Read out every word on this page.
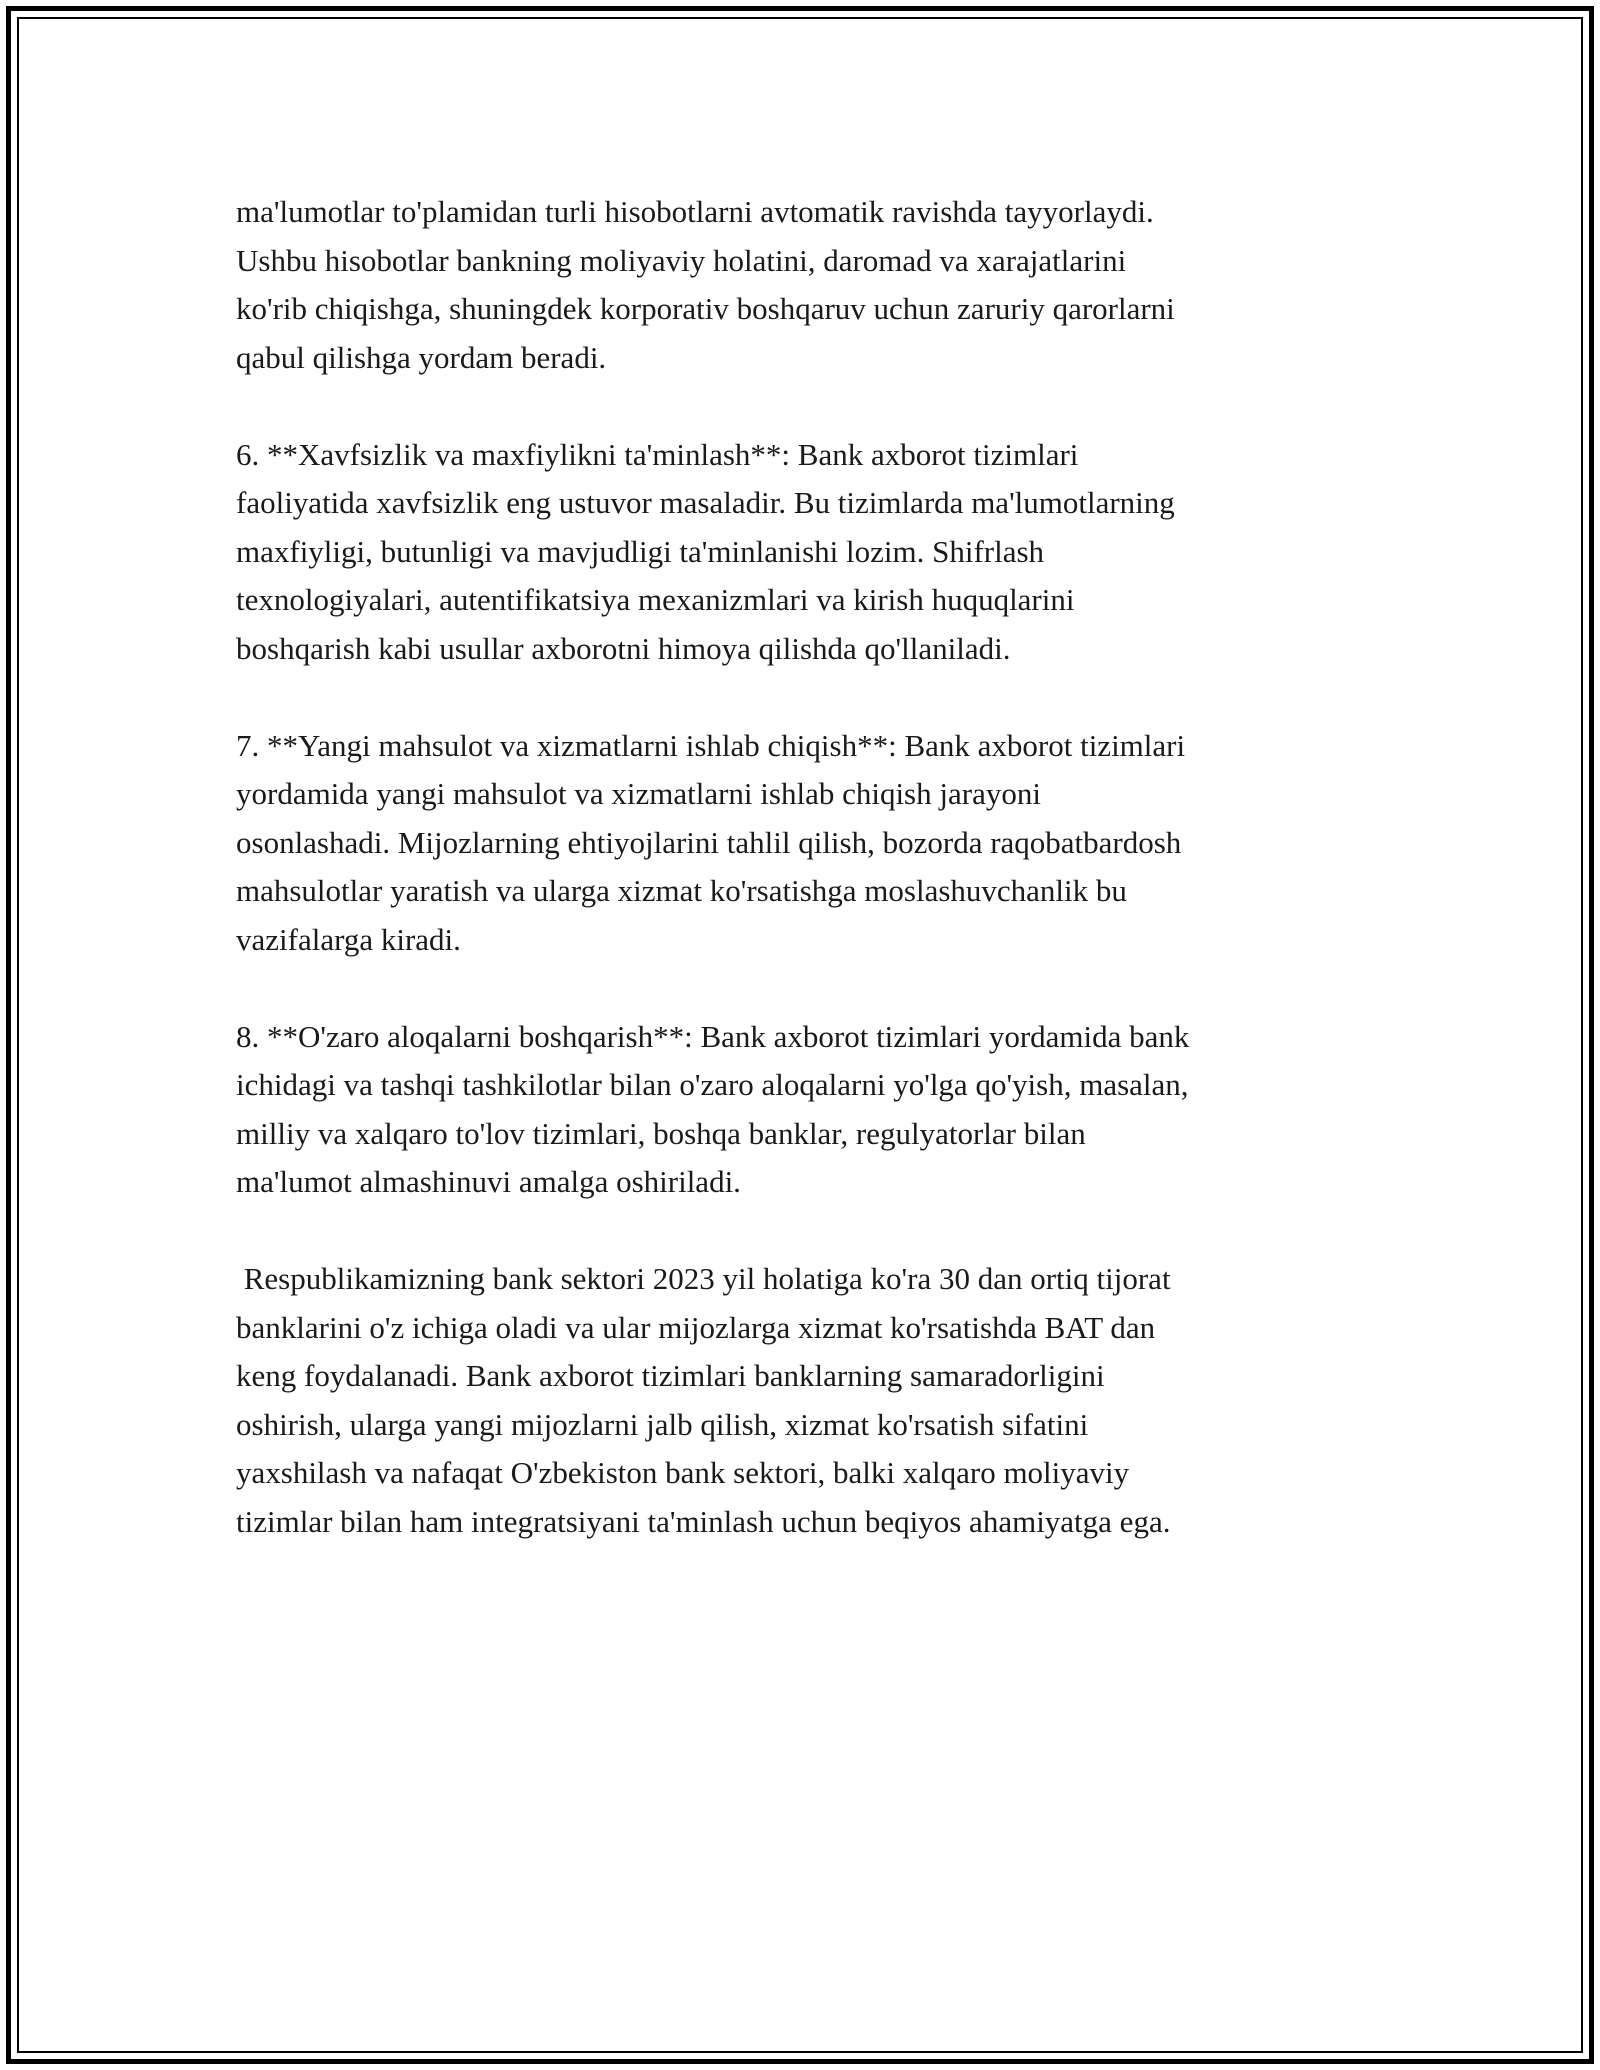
ma'lumotlar to'plamidan turli hisobotlarni avtomatik ravishda tayyorlaydi.
Ushbu hisobotlar bankning moliyaviy holatini, daromad va xarajatlarini
ko'rib chiqishga, shuningdek korporativ boshqaruv uchun zaruriy qarorlarni
qabul qilishga yordam beradi.
6. **Xavfsizlik va maxfiylikni ta'minlash**: Bank axborot tizimlari
faoliyatida xavfsizlik eng ustuvor masaladir. Bu tizimlarda ma'lumotlarning
maxfiyligi, butunligi va mavjudligi ta'minlanishi lozim. Shifrlash
texnologiyalari, autentifikatsiya mexanizmlari va kirish huquqlarini
boshqarish kabi usullar axborotni himoya qilishda qo'llaniladi.
7. **Yangi mahsulot va xizmatlarni ishlab chiqish**: Bank axborot tizimlari
yordamida yangi mahsulot va xizmatlarni ishlab chiqish jarayoni
osonlashadi. Mijozlarning ehtiyojlarini tahlil qilish, bozorda raqobatbardosh
mahsulotlar yaratish va ularga xizmat ko'rsatishga moslashuvchanlik bu
vazifalarga kiradi.
8. **O'zaro aloqalarni boshqarish**: Bank axborot tizimlari yordamida bank
ichidagi va tashqi tashkilotlar bilan o'zaro aloqalarni yo'lga qo'yish, masalan,
milliy va xalqaro to'lov tizimlari, boshqa banklar, regulyatorlar bilan
ma'lumot almashinuvi amalga oshiriladi.
Respublikamizning bank sektori 2023 yil holatiga ko'ra 30 dan ortiq tijorat
banklarini o'z ichiga oladi va ular mijozlarga xizmat ko'rsatishda BAT dan
keng foydalanadi. Bank axborot tizimlari banklarning samaradorligini
oshirish, ularga yangi mijozlarni jalb qilish, xizmat ko'rsatish sifatini
yaxshilash va nafaqat O'zbekiston bank sektori, balki xalqaro moliyaviy
tizimlar bilan ham integratsiyani ta'minlash uchun beqiyos ahamiyatga ega.
